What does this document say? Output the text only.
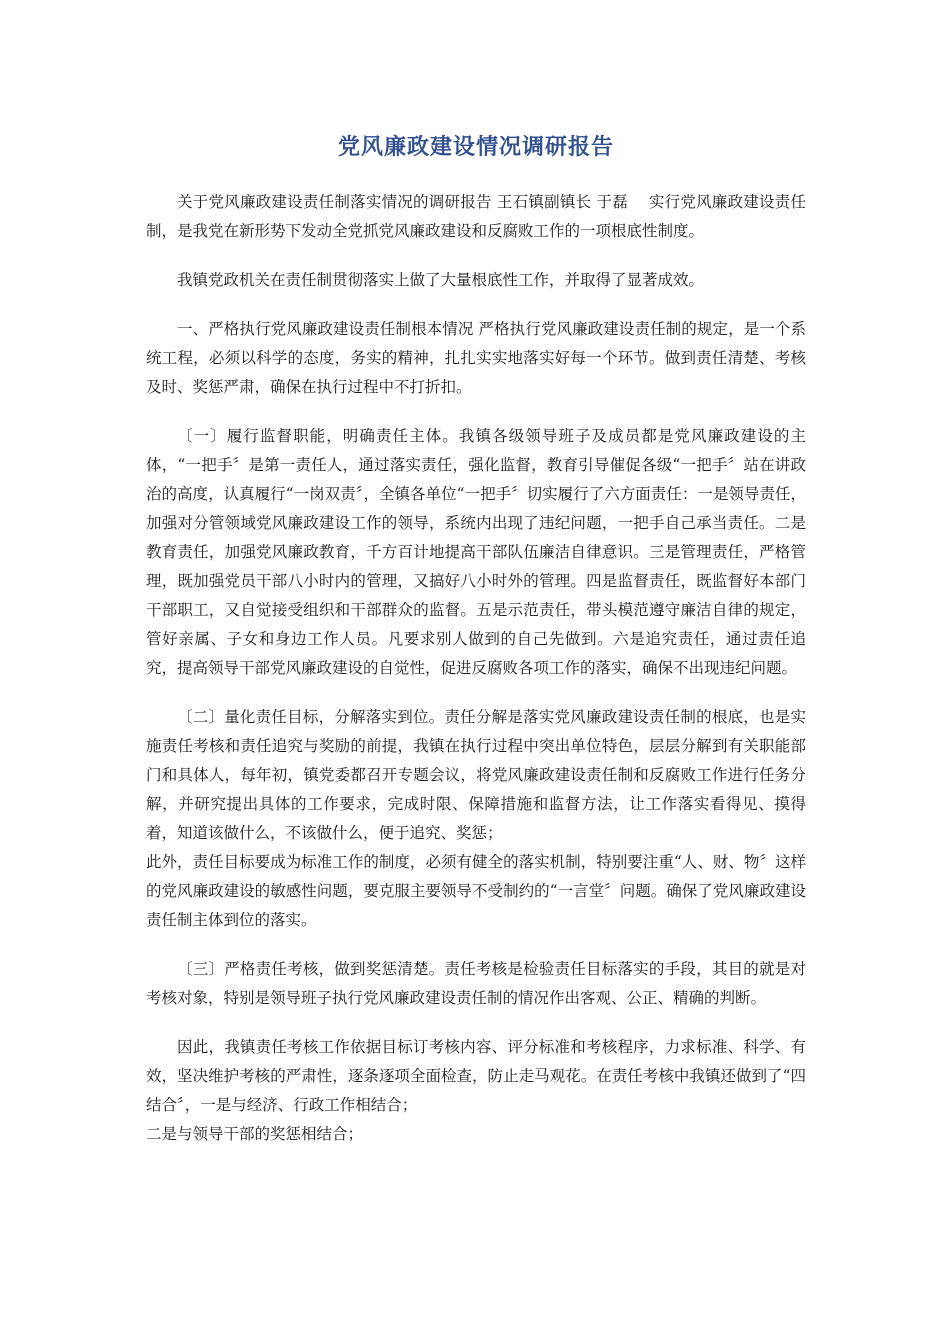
党风廉政建设情况调研报告

关于党风廉政建设责任制落实情况的调研报告 王石镇副镇长 于磊　 实行党风廉政建设责任制，是我党在新形势下发动全党抓党风廉政建设和反腐败工作的一项根底性制度。

我镇党政机关在责任制贯彻落实上做了大量根底性工作，并取得了显著成效。

一、严格执行党风廉政建设责任制根本情况 严格执行党风廉政建设责任制的规定，是一个系统工程，必须以科学的态度，务实的精神，扎扎实实地落实好每一个环节。做到责任清楚、考核及时、奖惩严肃，确保在执行过程中不打折扣。

〔一〕履行监督职能，明确责任主体。我镇各级领导班子及成员都是党风廉政建设的主体，“一把手〞是第一责任人，通过落实责任，强化监督，教育引导催促各级“一把手〞站在讲政治的高度，认真履行“一岗双责〞，全镇各单位“一把手〞切实履行了六方面责任：一是领导责任，加强对分管领域党风廉政建设工作的领导，系统内出现了违纪问题，一把手自己承当责任。二是教育责任，加强党风廉政教育，千方百计地提高干部队伍廉洁自律意识。三是管理责任，严格管理，既加强党员干部八小时内的管理，又搞好八小时外的管理。四是监督责任，既监督好本部门干部职工，又自觉接受组织和干部群众的监督。五是示范责任，带头模范遵守廉洁自律的规定，管好亲属、子女和身边工作人员。凡要求别人做到的自己先做到。六是追究责任，通过责任追究，提高领导干部党风廉政建设的自觉性，促进反腐败各项工作的落实，确保不出现违纪问题。

〔二〕量化责任目标，分解落实到位。责任分解是落实党风廉政建设责任制的根底，也是实施责任考核和责任追究与奖励的前提，我镇在执行过程中突出单位特色，层层分解到有关职能部门和具体人，每年初，镇党委都召开专题会议，将党风廉政建设责任制和反腐败工作进行任务分解，并研究提出具体的工作要求，完成时限、保障措施和监督方法，让工作落实看得见、摸得着，知道该做什么，不该做什么，便于追究、奖惩；

此外，责任目标要成为标准工作的制度，必须有健全的落实机制，特别要注重“人、财、物〞这样的党风廉政建设的敏感性问题，要克服主要领导不受制约的“一言堂〞问题。确保了党风廉政建设责任制主体到位的落实。

〔三〕严格责任考核，做到奖惩清楚。责任考核是检验责任目标落实的手段，其目的就是对考核对象，特别是领导班子执行党风廉政建设责任制的情况作出客观、公正、精确的判断。

因此，我镇责任考核工作依据目标订考核内容、评分标准和考核程序，力求标准、科学、有效，坚决维护考核的严肃性，逐条逐项全面检查，防止走马观花。在责任考核中我镇还做到了“四结合〞，一是与经济、行政工作相结合；

二是与领导干部的奖惩相结合；
